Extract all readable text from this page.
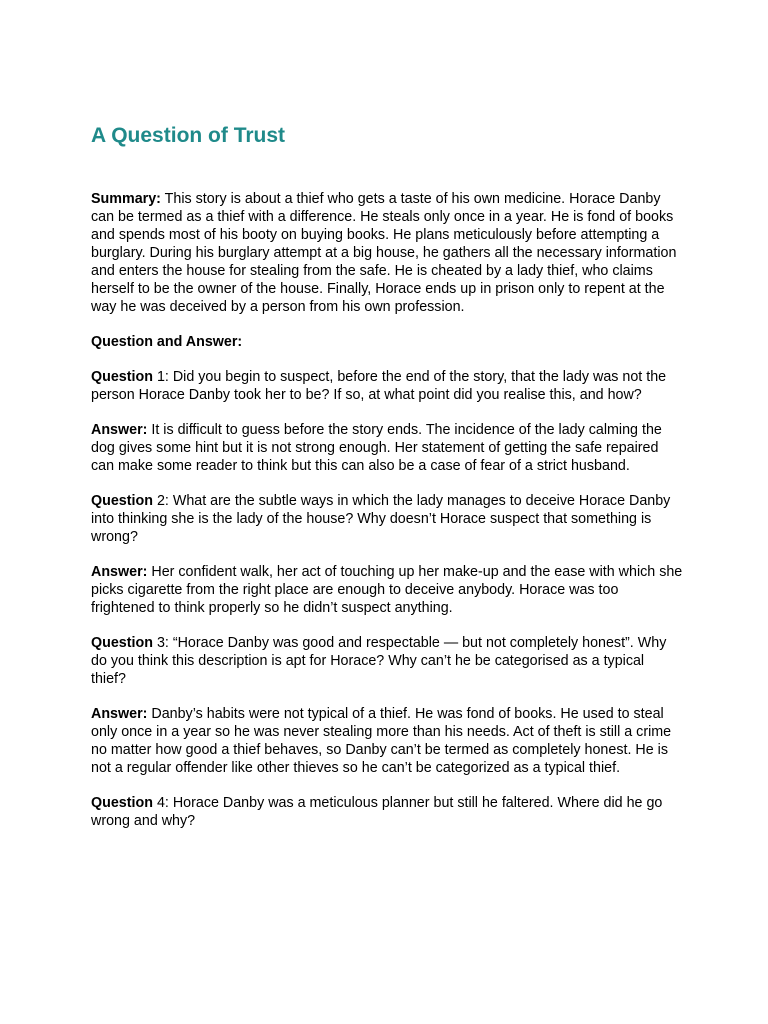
A Question of Trust

Summary: This story is about a thief who gets a taste of his own medicine. Horace Danby can be termed as a thief with a difference. He steals only once in a year. He is fond of books and spends most of his booty on buying books. He plans meticulously before attempting a burglary. During his burglary attempt at a big house, he gathers all the necessary information and enters the house for stealing from the safe. He is cheated by a lady thief, who claims herself to be the owner of the house. Finally, Horace ends up in prison only to repent at the way he was deceived by a person from his own profession.

Question and Answer:

Question 1: Did you begin to suspect, before the end of the story, that the lady was not the person Horace Danby took her to be? If so, at what point did you realise this, and how?

Answer: It is difficult to guess before the story ends. The incidence of the lady calming the dog gives some hint but it is not strong enough. Her statement of getting the safe repaired can make some reader to think but this can also be a case of fear of a strict husband.

Question 2: What are the subtle ways in which the lady manages to deceive Horace Danby into thinking she is the lady of the house? Why doesn’t Horace suspect that something is wrong?

Answer: Her confident walk, her act of touching up her make-up and the ease with which she picks cigarette from the right place are enough to deceive anybody. Horace was too frightened to think properly so he didn’t suspect anything.

Question 3: “Horace Danby was good and respectable — but not completely honest”. Why do you think this description is apt for Horace? Why can’t he be categorised as a typical thief?

Answer: Danby’s habits were not typical of a thief. He was fond of books. He used to steal only once in a year so he was never stealing more than his needs. Act of theft is still a crime no matter how good a thief behaves, so Danby can’t be termed as completely honest. He is not a regular offender like other thieves so he can’t be categorized as a typical thief.

Question 4: Horace Danby was a meticulous planner but still he faltered. Where did he go wrong and why?
